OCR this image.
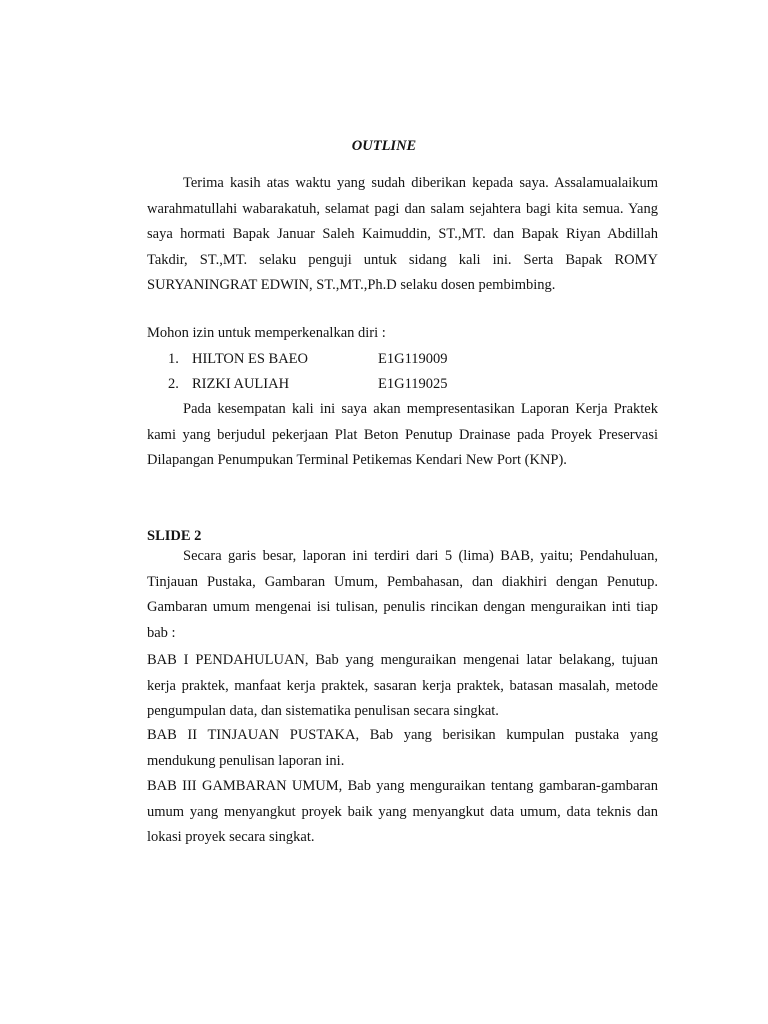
OUTLINE

Terima kasih atas waktu yang sudah diberikan kepada saya. Assalamualaikum warahmatullahi wabarakatuh, selamat pagi dan salam sejahtera bagi kita semua. Yang saya hormati Bapak Januar Saleh Kaimuddin, ST.,MT. dan Bapak Riyan Abdillah Takdir, ST.,MT. selaku penguji untuk sidang kali ini. Serta Bapak ROMY SURYANINGRAT EDWIN, ST.,MT.,Ph.D selaku dosen pembimbing.

Mohon izin untuk memperkenalkan diri :
1. HILTON ES BAEO	E1G119009
2. RIZKI AULIAH	E1G119025

Pada kesempatan kali ini saya akan mempresentasikan Laporan Kerja Praktek kami yang berjudul pekerjaan Plat Beton Penutup Drainase pada Proyek Preservasi Dilapangan Penumpukan Terminal Petikemas Kendari New Port (KNP).

SLIDE 2

Secara garis besar, laporan ini terdiri dari 5 (lima) BAB, yaitu; Pendahuluan, Tinjauan Pustaka, Gambaran Umum, Pembahasan, dan diakhiri dengan Penutup. Gambaran umum mengenai isi tulisan, penulis rincikan dengan menguraikan inti tiap bab :

BAB I PENDAHULUAN, Bab yang menguraikan mengenai latar belakang, tujuan kerja praktek, manfaat kerja praktek, sasaran kerja praktek, batasan masalah, metode pengumpulan data, dan sistematika penulisan secara singkat.

BAB II TINJAUAN PUSTAKA, Bab yang berisikan kumpulan pustaka yang mendukung penulisan laporan ini.

BAB III GAMBARAN UMUM, Bab yang menguraikan tentang gambaran-gambaran umum yang menyangkut proyek baik yang menyangkut data umum, data teknis dan lokasi proyek secara singkat.
